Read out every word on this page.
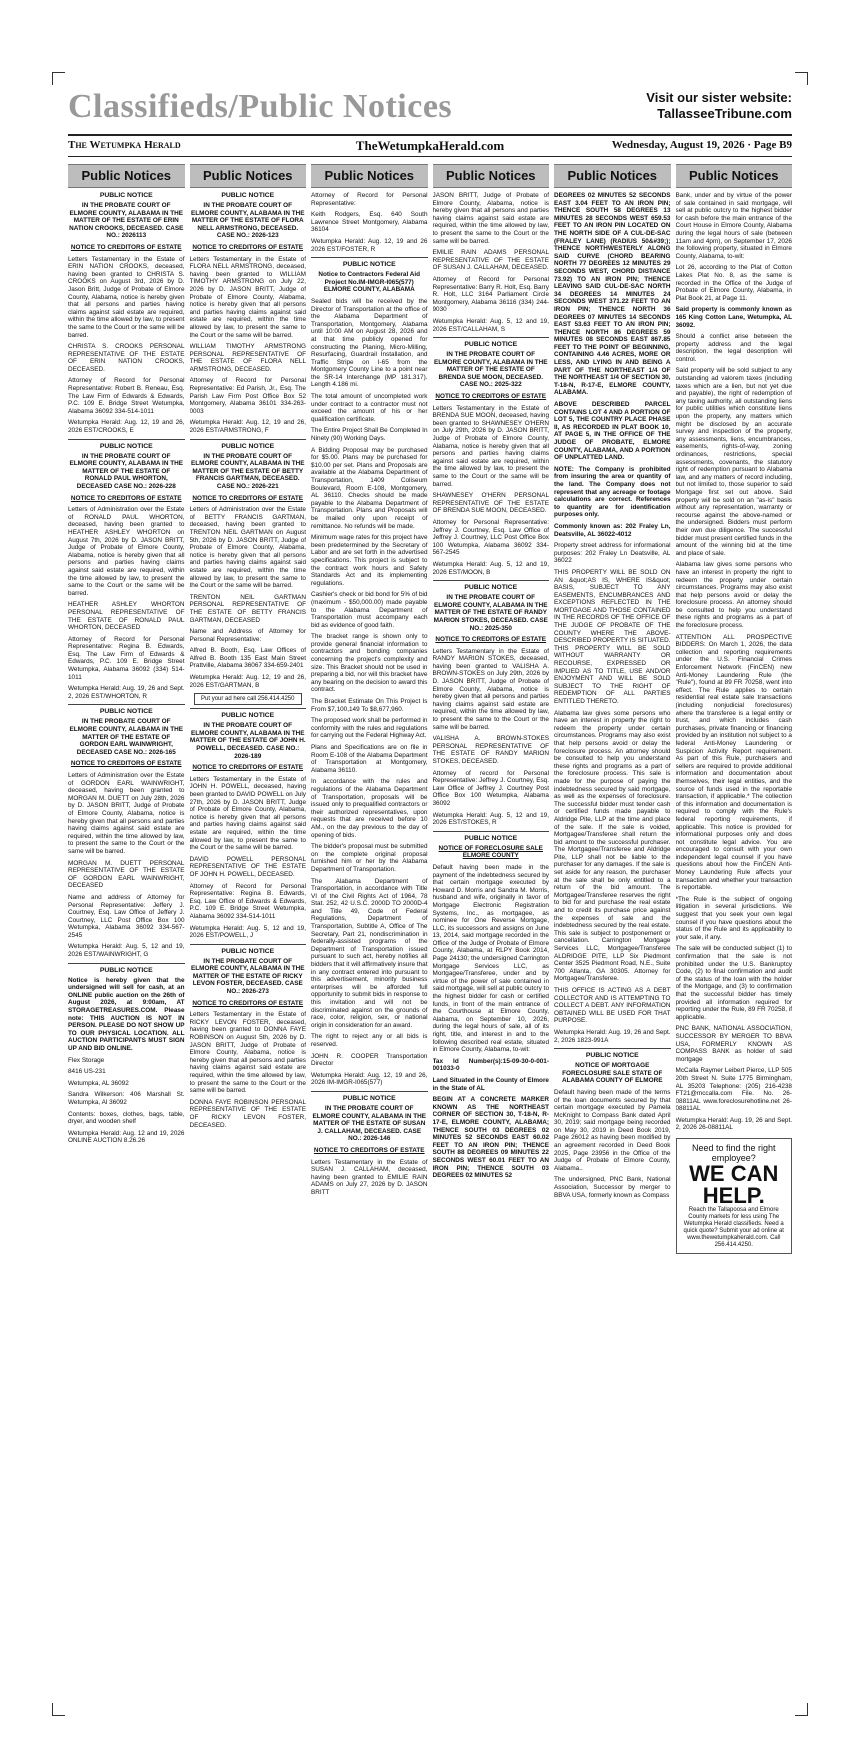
Classifieds/Public Notices	Visit our sister website:
TallasseeTribune.com
The Wetumpka Herald	TheWetumpkaHerald.com	Wednesday, August 19, 2026 · Page B9
Public Notices
PUBLIC NOTICE

IN THE PROBATE COURT OF ELMORE COUNTY, ALABAMA IN THE MATTER OF THE ESTATE OF ERIN NATION CROOKS, DECEASED. CASE NO.: 2026113

NOTICE TO CREDITORS OF ESTATE

Letters Testamentary in the Estate of ERIN NATION CROOKS, deceased, having been granted to CHRISTA S. CROOKS on August 3rd, 2026 by D. Jason Britt, Judge of Probate of Elmore County, Alabama, notice is hereby given that all persons and parties having claims against said estate are required, within the time allowed by law, to present the same to the Court or the same will be barred.

CHRISTA S. CROOKS PERSONAL REPRESENTATIVE OF THE ESTATE OF ERIN NATION CROOKS, DECEASED.

Attorney of Record for Personal Representative: Robert B. Reneau, Esq. The Law Firm of Edwards & Edwards, P.C. 109 E. Bridge Street Wetumpka, Alabama 36092 334-514-1011

Wetumpka Herald: Aug. 12, 19 and 26, 2026 EST/CROOKS, E

PUBLIC NOTICE

IN THE PROBATE COURT OF ELMORE COUNTY, ALABAMA IN THE MATTER OF THE ESTATE OF RONALD PAUL WHORTON, DECEASED CASE NO.: 2026-228

NOTICE TO CREDITORS OF ESTATE

Letters of Administration over the Estate of RONALD PAUL WHORTON, deceased, having been granted to HEATHER ASHLEY WHORTON on August 7th, 2026 by D. JASON BRITT, Judge of Probate of Elmore County, Alabama, notice is hereby given that all persons and parties having claims against said estate are required, within the time allowed by law, to present the same to the Court or the same will be barred.

HEATHER ASHLEY WHORTON PERSONAL REPRESENTATIVE OF THE ESTATE OF RONALD PAUL WHORTON, DECEASED

Attorney of Record for Personal Representative: Regina B. Edwards, Esq. The Law Firm of Edwards & Edwards, P.C. 109 E. Bridge Street Wetumpka, Alabama 36092 (334) 514-1011

Wetumpka Herald: Aug. 19, 26 and Sept. 2, 2026 EST/WHORTON, R

PUBLIC NOTICE

IN THE PROBATE COURT OF ELMORE COUNTY, ALABAMA IN THE MATTER OF THE ESTATE OF GORDON EARL WAINWRIGHT, DECEASED CASE NO.: 2026-165

NOTICE TO CREDITORS OF ESTATE

Letters of Administration over the Estate of GORDON EARL WAINWRIGHT, deceased, having been granted to MORGAN M. DUETT on July 28th, 2026 by D. JASON BRITT, Judge of Probate of Elmore County, Alabama, notice is hereby given that all persons and parties having claims against said estate are required, within the time allowed by law, to present the same to the Court or the same will be barred.

MORGAN M. DUETT PERSONAL REPRESENTATIVE OF THE ESTATE OF GORDON EARL WAINWRIGHT, DECEASED

Name and address of Attorney for Personal Representative: Jeffery J. Courtney, Esq. Law Office of Jeffery J. Courtney, LLC Post Office Box 100 Wetumpka, Alabama 36092 334-567-2545

Wetumpka Herald: Aug. 5, 12 and 19, 2026 EST/WAINWRIGHT, G

PUBLIC NOTICE

Notice is hereby given that the undersigned will sell for cash, at an ONLINE public auction on the 26th of August 2026, at 9:00am, AT STORAGETREASURES.COM. Please note: THIS AUCTION IS NOT IN PERSON. PLEASE DO NOT SHOW UP TO OUR PHYSICAL LOCATION. ALL AUCTION PARTICIPANTS MUST SIGN UP AND BID ONLINE.

Flex Storage

8416 US-231

Wetumpka, AL 36092

Sandra Wilkerson: 406 Marshall St. Wetumpka, Al 36092

Contents: boxes, clothes, bags, table, dryer, and wooden shelf

Wetumpka Herald: Aug. 12 and 19, 2026 ONLINE AUCTION 8.26.26

Public Notices
PUBLIC NOTICE

IN THE PROBATE COURT OF ELMORE COUNTY, ALABAMA IN THE MATTER OF THE ESTATE OF FLORA NELL ARMSTRONG, DECEASED. CASE NO.: 2026-123

NOTICE TO CREDITORS OF ESTATE

Letters Testamentary in the Estate of FLORA NELL ARMSTRONG, deceased, having been granted to WILLIAM TIMOTHY ARMSTRONG on July 22, 2026 by D. JASON BRITT, Judge of Probate of Elmore County, Alabama, notice is hereby given that all persons and parties having claims against said estate are required, within the time allowed by law, to present the same to the Court or the same will be barred.

WILLIAM TIMOTHY ARMSTRONG PERSONAL REPRESENTATIVE OF THE ESTATE OF FLORA NELL ARMSTRONG, DECEASED.

Attorney of Record for Personal Representative: Ed Parish, Jr., Esq. The Parish Law Firm Post Office Box 52 Montgomery, Alabama 36101 334-263-0003

Wetumpka Herald: Aug. 12, 19 and 26, 2026 EST/ARMSTRONG, F

PUBLIC NOTICE

IN THE PROBATE COURT OF ELMORE COUNTY, ALABAMA IN THE MATTER OF THE ESTATE OF BETTY FRANCIS GARTMAN, DECEASED. CASE NO.: 2026-221

NOTICE TO CREDITORS OF ESTATE

Letters of Administration over the Estate of BETTY FRANCIS GARTMAN, deceased, having been granted to TRENTON NEIL GARTMAN on August 5th, 2026 by D. JASON BRITT, Judge of Probate of Elmore County, Alabama, notice is hereby given that all persons and parties having claims against said estate are required, within the time allowed by law, to present the same to the Court or the same will be barred.

TRENTON NEIL GARTMAN PERSONAL REPRESENTATIVE OF THE ESTATE OF BETTY FRANCIS GARTMAN, DECEASED

Name and Address of Attorney for Personal Representative:

Alfred B. Booth, Esq. Law Offices of Alfred B. Booth 135 East Main Street Prattville, Alabama 36067 334-659-2401

Wetumpka Herald: Aug. 12, 19 and 26, 2026 EST/GARTMAN, B

Put your ad here call 256.414.4250
PUBLIC NOTICE

IN THE PROBATE COURT OF ELMORE COUNTY, ALABAMA IN THE MATTER OF THE ESTATE OF JOHN H. POWELL, DECEASED. CASE NO.: 2026-189

NOTICE TO CREDITORS OF ESTATE

Letters Testamentary in the Estate of JOHN H. POWELL, deceased, having been granted to DAVID POWELL on July 27th, 2026 by D. JASON BRITT, Judge of Probate of Elmore County, Alabama, notice is hereby given that all persons and parties having claims against said estate are required, within the time allowed by law, to present the same to the Court or the same will be barred.

DAVID POWELL PERSONAL REPRESENTATIVE OF THE ESTATE OF JOHN H. POWELL, DECEASED.

Attorney of Record for Personal Representative: Regina B. Edwards, Esq. Law Office of Edwards & Edwards, P.C. 109 E. Bridge Street Wetumpka, Alabama 36092 334-514-1011

Wetumpka Herald: Aug. 5, 12 and 19, 2026 EST/POWELL, J

PUBLIC NOTICE

IN THE PROBATE COURT OF ELMORE COUNTY, ALABAMA IN THE MATTER OF THE ESTATE OF RICKY LEVON FOSTER, DECEASED. CASE NO.: 2026-273

NOTICE TO CREDITORS OF ESTATE

Letters Testamentary in the Estate of RICKY LEVON FOSTER, deceased, having been granted to DONNA FAYE ROBINSON on August 5th, 2026 by D. JASON BRITT, Judge of Probate of Elmore County, Alabama, notice is hereby given that all persons and parties having claims against said estate are required, within the time allowed by law, to present the same to the Court or the same will be barred.

DONNA FAYE ROBINSON PERSONAL REPRESENTATIVE OF THE ESTATE OF RICKY LEVON FOSTER, DECEASED.

Public Notices

Attorney of Record for Personal Representative:

Keith Rodgers, Esq. 640 South Lawrence Street Montgomery, Alabama 36104

Wetumpka Herald: Aug. 12, 19 and 26 2026 EST/FOSTER, R

PUBLIC NOTICE

Notice to Contractors Federal Aid Project No.IM-IMGR-I065(577) ELMORE COUNTY, ALABAMA

Sealed bids will be received by the Director of Transportation at the office of the Alabama Department of Transportation, Montgomery, Alabama until 10:00 AM on August 28, 2026 and at that time publicly opened for constructing the Planing, Micro-Milling, Resurfacing, Guardrail Installation, and Traffic Stripe on I-65 from the Montgomery County Line to a point near the SR-14 Interchange (MP 181.317). Length 4.186 mi.

The total amount of uncompleted work under contract to a contractor must not exceed the amount of his or her qualification certificate.

The Entire Project Shall Be Completed In Ninety (90) Working Days.

A Bidding Proposal may be purchased for $5.00. Plans may be purchased for $10.00 per set. Plans and Proposals are available at the Alabama Department of Transportation, 1409 Coliseum Boulevard, Room E-108, Montgomery, AL 36110. Checks should be made payable to the Alabama Department of Transportation. Plans and Proposals will be mailed only upon receipt of remittance. No refunds will be made.

Minimum wage rates for this project have been predetermined by the Secretary of Labor and are set forth in the advertised specifications. This project is subject to the contract work hours and Safety Standards Act and its implementing regulations.

Cashier's check or bid bond for 5% of bid (maximum - $50,000.00) made payable to the Alabama Department of Transportation must accompany each bid as evidence of good faith.

The bracket range is shown only to provide general financial information to contractors and bonding companies concerning the project's complexity and size. This Bracket should not be used in preparing a bid, nor will this bracket have any bearing on the decision to award this contract.

The Bracket Estimate On This Project Is From $7,100,149 To $8,677,960.

The proposed work shall be performed in conformity with the rules and regulations for carrying out the Federal Highway Act.

Plans and Specifications are on file in Room E-108 of the Alabama Department of Transportation at Montgomery, Alabama 36110.

In accordance with the rules and regulations of the Alabama Department of Transportation, proposals will be issued only to prequalified contractors or their authorized representatives, upon requests that are received before 10 AM., on the day previous to the day of opening of bids.

The bidder's proposal must be submitted on the complete original proposal furnished him or her by the Alabama Department of Transportation.

The Alabama Department of Transportation, in accordance with Title VI of the Civil Rights Act of 1964, 78 Stat. 252, 42 U.S.C. 2000D TO 2000D-4 and Title 49, Code of Federal Regulations, Department of Transportation, Subtitle A, Office of The Secretary, Part 21, nondiscrimination in federally-assisted programs of the Department of Transportation issued pursuant to such act, hereby notifies all bidders that it will affirmatively insure that in any contract entered into pursuant to this advertisement, minority business enterprises will be afforded full opportunity to submit bids in response to this invitation and will not be discriminated against on the grounds of race, color, religion, sex, or national origin in consideration for an award.

The right to reject any or all bids is reserved.

JOHN R. COOPER Transportation Director

Wetumpka Herald: Aug. 12, 19 and 26, 2026 IM-IMGR-I065(577)

PUBLIC NOTICE

IN THE PROBATE COURT OF ELMORE COUNTY, ALABAMA IN THE MATTER OF THE ESTATE OF SUSAN J. CALLAHAM, DECEASED. CASE NO.: 2026-146

NOTICE TO CREDITORS OF ESTATE

Letters Testamentary in the Estate of SUSAN J. CALLAHAM, deceased, having been granted to EMILIE RAIN ADAMS on July 27, 2026 by D. JASON BRITT

Public Notices

JASON BRITT, Judge of Probate of Elmore County, Alabama, notice is hereby given that all persons and parties having claims against said estate are required, within the time allowed by law, to present the same to the Court or the same will be barred.

EMILIE RAIN ADAMS PERSONAL REPRESENTATIVE OF THE ESTATE OF SUSAN J. CALLAHAM, DECEASED.

Attorney of Record for Personal Representative: Barry R. Holt, Esq. Barry R. Holt, LLC 3164 Parliament Circle Montgomery, Alabama 36116 (334) 244-9030

Wetumpka Herald: Aug. 5, 12 and 19, 2026 EST/CALLAHAM, S

PUBLIC NOTICE

IN THE PROBATE COURT OF ELMORE COUNTY, ALABAMA IN THE MATTER OF THE ESTATE OF BRENDA SUE MOON, DECEASED. CASE NO.: 2025-322

NOTICE TO CREDITORS OF ESTATE

Letters Testamentary in the Estate of BRENDA SUE MOON, deceased, having been granted to SHAWNESEY O'HERN on July 29th, 2026 by D. JASON BRITT, Judge of Probate of Elmore County, Alabama, notice is hereby given that all persons and parties having claims against said estate are required, within the time allowed by law, to present the same to the Court or the same will be barred.

SHAWNESEY O'HERN PERSONAL REPRESENTATIVE OF THE ESTATE OF BRENDA SUE MOON, DECEASED.

Attorney for Personal Representative: Jeffrey J. Courtney, Esq. Law Office of Jeffrey J. Courtney, LLC Post Office Box 100 Wetumpka, Alabama 36092 334-567-2545

Wetumpka Herald: Aug. 5, 12 and 19, 2026 EST/MOON, B

PUBLIC NOTICE

IN THE PROBATE COURT OF ELMORE COUNTY, ALABAMA IN THE MATTER OF THE ESTATE OF RANDY MARION STOKES, DECEASED. CASE NO.: 2025-350

NOTICE TO CREDITORS OF ESTATE

Letters Testamentary in the Estate of RANDY MARION STOKES, deceased, having been granted to VALISHA A. BROWN-STOKES on July 29th, 2026 by D. JASON BRITT, Judge of Probate of Elmore County, Alabama, notice is hereby given that all persons and parties having claims against said estate are required, within the time allowed by law, to present the same to the Court or the same will be barred.

VALISHA A. BROWN-STOKES PERSONAL REPRESENTATIVE OF THE ESTATE OF RANDY MARION STOKES, DECEASED.

Attorney of record for Personal Representative: Jeffrey J. Courtney, Esq. Law Office of Jeffrey J. Courtney Post Office Box 100 Wetumpka, Alabama 36092

Wetumpka Herald: Aug. 5, 12 and 19, 2026 EST/STOKES, R

PUBLIC NOTICE

NOTICE OF FORECLOSURE SALE ELMORE COUNTY

Default having been made in the payment of the indebtedness secured by that certain mortgage executed by Howard D. Morris and Sandra M. Morris, husband and wife, originally in favor of Mortgage Electronic Registration Systems, Inc., as mortgagee, as nominee for One Reverse Mortgage, LLC, its successors and assigns on June 13, 2014, said mortgage recorded in the Office of the Judge of Probate of Elmore County, Alabama, at RLPY Book 2014, Page 24130; the undersigned Carrington Mortgage Services LLC, as Mortgagee/Transferee, under and by virtue of the power of sale contained in said mortgage, will sell at public outcry to the highest bidder for cash or certified funds, in front of the main entrance of the Courthouse at Elmore County, Alabama, on September 10, 2026, during the legal hours of sale, all of its right, title, and interest in and to the following described real estate, situated in Elmore County, Alabama, to-wit:

Tax Id Number(s):15-09-30-0-001-001033-0

Land Situated in the County of Elmore in the State of AL

BEGIN AT A CONCRETE MARKER KNOWN AS THE NORTHEAST CORNER OF SECTION 30, T-18-N, R-17-E, ELMORE COUNTY, ALABAMA; THENCE SOUTH 03 DEGREES 02 MINUTES 52 SECONDS EAST 60.02 FEET TO AN IRON PIN; THENCE SOUTH 88 DEGREES 09 MINUTES 22 SECONDS WEST 60.01 FEET TO AN IRON PIN; THENCE SOUTH 03 DEGREES 02 MINUTES 52

Public Notices

DEGREES 02 MINUTES 52 SECONDS EAST 3.04 FEET TO AN IRON PIN; THENCE SOUTH 58 DEGREES 13 MINUTES 28 SECONDS WEST 659.53 FEET TO AN IRON PIN LOCATED ON THE NORTH SIDE OF A CUL-DE-SAC (FRALEY LANE) (RADIUS 50&#39;); THENCE NORTHWESTERLY ALONG SAID CURVE (CHORD BEARING NORTH 77 DEGREES 12 MINUTES 29 SECONDS WEST, CHORD DISTANCE 73.92) TO AN IRON PIN; THENCE LEAVING SAID CUL-DE-SAC NORTH 34 DEGREES 14 MINUTES 24 SECONDS WEST 371.22 FEET TO AN IRON PIN; THENCE NORTH 36 DEGREES 07 MINUTES 14 SECONDS EAST 53.63 FEET TO AN IRON PIN; THENCE NORTH 86 DEGREES 59 MINUTES 08 SECONDS EAST 867.85 FEET TO THE POINT OF BEGINNING, CONTAINING 4.46 ACRES, MORE OR LESS, AND LYING IN AND BEING A PART OF THE NORTHEAST 1/4 OF THE NORTHEAST 1/4 OF SECTION 30, T-18-N, R-17-E, ELMORE COUNTY, ALABAMA.

ABOVE DESCRIBED PARCEL CONTAINS LOT 4 AND A PORTION OF LOT 5, THE COUNTRY PLACE PHASE II, AS RECORDED IN PLAT BOOK 10, AT PAGE 5, IN THE OFFICE OF THE JUDGE OF PROBATE, ELMORE COUNTY, ALABAMA, AND A PORTION OF UNPLATTED LAND.

NOTE: The Company is prohibited from insuring the area or quantity of the land. The Company does not represent that any acreage or footage calculations are correct. References to quantity are for identification purposes only.

Commonly known as: 202 Fraley Ln, Deatsville, AL 36022-4012

Property street address for informational purposes: 202 Fraley Ln Deatsville, AL 36022

THIS PROPERTY WILL BE SOLD ON AN &quot;AS IS, WHERE IS&quot; BASIS, SUBJECT TO ANY EASEMENTS, ENCUMBRANCES AND EXCEPTIONS REFLECTED IN THE MORTGAGE AND THOSE CONTAINED IN THE RECORDS OF THE OFFICE OF THE JUDGE OF PROBATE OF THE COUNTY WHERE THE ABOVE-DESCRIBED PROPERTY IS SITUATED. THIS PROPERTY WILL BE SOLD WITHOUT WARRANTY OR RECOURSE, EXPRESSED OR IMPLIED AS TO TITLE, USE AND/OR ENJOYMENT AND WILL BE SOLD SUBJECT TO THE RIGHT OF REDEMPTION OF ALL PARTIES ENTITLED THERETO.

Alabama law gives some persons who have an interest in property the right to redeem the property under certain circumstances. Programs may also exist that help persons avoid or delay the foreclosure process. An attorney should be consulted to help you understand these rights and programs as a part of the foreclosure process. This sale is made for the purpose of paying the indebtedness secured by said mortgage, as well as the expenses of foreclosure. The successful bidder must tender cash or certified funds made payable to Aldridge Pite, LLP at the time and place of the sale. If the sale is voided, Mortgagee/Transferee shall return the bid amount to the successful purchaser. The Mortgagee/Transferee and Aldridge Pite, LLP shall not be liable to the purchaser for any damages. If the sale is set aside for any reason, the purchaser at the sale shall be only entitled to a return of the bid amount. The Mortgagee/Transferee reserves the right to bid for and purchase the real estate and to credit its purchase price against the expenses of sale and the indebtedness secured by the real estate. This sale is subject to postponement or cancellation. Carrington Mortgage Services LLC, Mortgagee/Transferee ALDRIDGE PITE, LLP Six Piedmont Center 3525 Piedmont Road, N.E., Suite 700 Atlanta, GA 30305. Attorney for Mortgagee/Transferee.

THIS OFFICE IS ACTING AS A DEBT COLLECTOR AND IS ATTEMPTING TO COLLECT A DEBT. ANY INFORMATION OBTAINED WILL BE USED FOR THAT PURPOSE.

Wetumpka Herald: Aug. 19, 26 and Sept. 2, 2026 1823-991A

PUBLIC NOTICE

NOTICE OF MORTGAGE FORECLOSURE SALE STATE OF ALABAMA COUNTY OF ELMORE

Default having been made of the terms of the loan documents secured by that certain mortgage executed by Pamela McKnight to Compass Bank dated April 30, 2019; said mortgage being recorded on May 30, 2019 in Deed Book 2019, Page 26012 as having been modified by an agreement recorded in Deed Book 2025, Page 23956 in the Office of the Judge of Probate of Elmore County, Alabama..

The undersigned, PNC Bank, National Association, Successor by merger to BBVA USA, formerly known as Compass

Public Notices

Bank, under and by virtue of the power of sale contained in said mortgage, will sell at public outcry to the highest bidder for cash before the main entrance of the Court House in Elmore County, Alabama during the legal hours of sale (between 11am and 4pm), on September 17, 2026 the following property, situated in Elmore County, Alabama, to-wit:

Lot 26, according to the Plat of Cotton Lakes Plat No. 8, as the same is recorded in the Office of the Judge of Probate of Elmore County, Alabama, in Plat Book 21, at Page 11.

Said property is commonly known as 165 King Cotton Lane, Wetumpka, AL 36092.

Should a conflict arise between the property address and the legal description, the legal description will control.

Said property will be sold subject to any outstanding ad valorem taxes (including taxes which are a lien, but not yet due and payable), the right of redemption of any taxing authority, all outstanding liens for public utilities which constitute liens upon the property, any matters which might be disclosed by an accurate survey and inspection of the property, any assessments, liens, encumbrances, easements, rights-of-way, zoning ordinances, restrictions, special assessments, covenants, the statutory right of redemption pursuant to Alabama law, and any matters of record including, but not limited to, those superior to said Mortgage first set out above. Said property will be sold on an "as-is" basis without any representation, warranty or recourse against the above-named or the undersigned. Bidders must perform their own due diligence. The successful bidder must present certified funds in the amount of the winning bid at the time and place of sale.

Alabama law gives some persons who have an interest in property the right to redeem the property under certain circumstances. Programs may also exist that help persons avoid or delay the foreclosure process. An attorney should be consulted to help you understand these rights and programs as a part of the foreclosure process.

ATTENTION ALL PROSPECTIVE BIDDERS: On March 1, 2026, the data collection and reporting requirements under the U.S. Financial Crimes Enforcement Network (FinCEN) new Anti-Money Laundering Rule (the "Rule"), found at 89 FR 70258, went into effect. The Rule applies to certain residential real estate sale transactions (including nonjudicial foreclosures) where the transferee is a legal entity or trust, and which includes cash purchases, private financing or financing provided by an institution not subject to a federal Anti-Money Laundering or Suspicion Activity Report requirement. As part of this Rule, purchasers and sellers are required to provide additional information and documentation about themselves, their legal entities, and the source of funds used in the reportable transaction, if applicable.* The collection of this information and documentation is required to comply with the Rule's federal reporting requirements, if applicable. This notice is provided for informational purposes only and does not constitute legal advice. You are encouraged to consult with your own independent legal counsel if you have questions about how the FinCEN Anti-Money Laundering Rule affects your transaction and whether your transaction is reportable.

*The Rule is the subject of ongoing litigation in several jurisdictions. We suggest that you seek your own legal counsel if you have questions about the status of the Rule and its applicability to your sale, if any.

The sale will be conducted subject (1) to confirmation that the sale is not prohibited under the U.S. Bankruptcy Code, (2) to final confirmation and audit of the status of the loan with the holder of the Mortgage, and (3) to confirmation that the successful bidder has timely provided all information required for reporting under the Rule, 89 FR 70258, if applicable.

PNC BANK, NATIONAL ASSOCIATION, SUCCESSOR BY MERGER TO BBVA USA, FORMERLY KNOWN AS COMPASS BANK as holder of said mortgage

McCalla Raymer Leibert Pierce, LLP 505 20th Street N. Suite 1775 Birmingham, AL 35203 Telephone: (205) 216-4238 FT21@mccalla.com File. No. 26-08811AL www.foreclosurehotline.net 26-08811AL

Wetumpka Herald: Aug. 19, 26 and Sept. 2, 2026 26-08811AL

Need to find the right employee?
WE CAN
HELP.
Reach the Tallapoosa and Elmore County markets for less using The Wetumpka Herald classifieds. Need a quick quote? Submit your ad online at www.thewetumpkaherald.com. Call 256.414.4250.
